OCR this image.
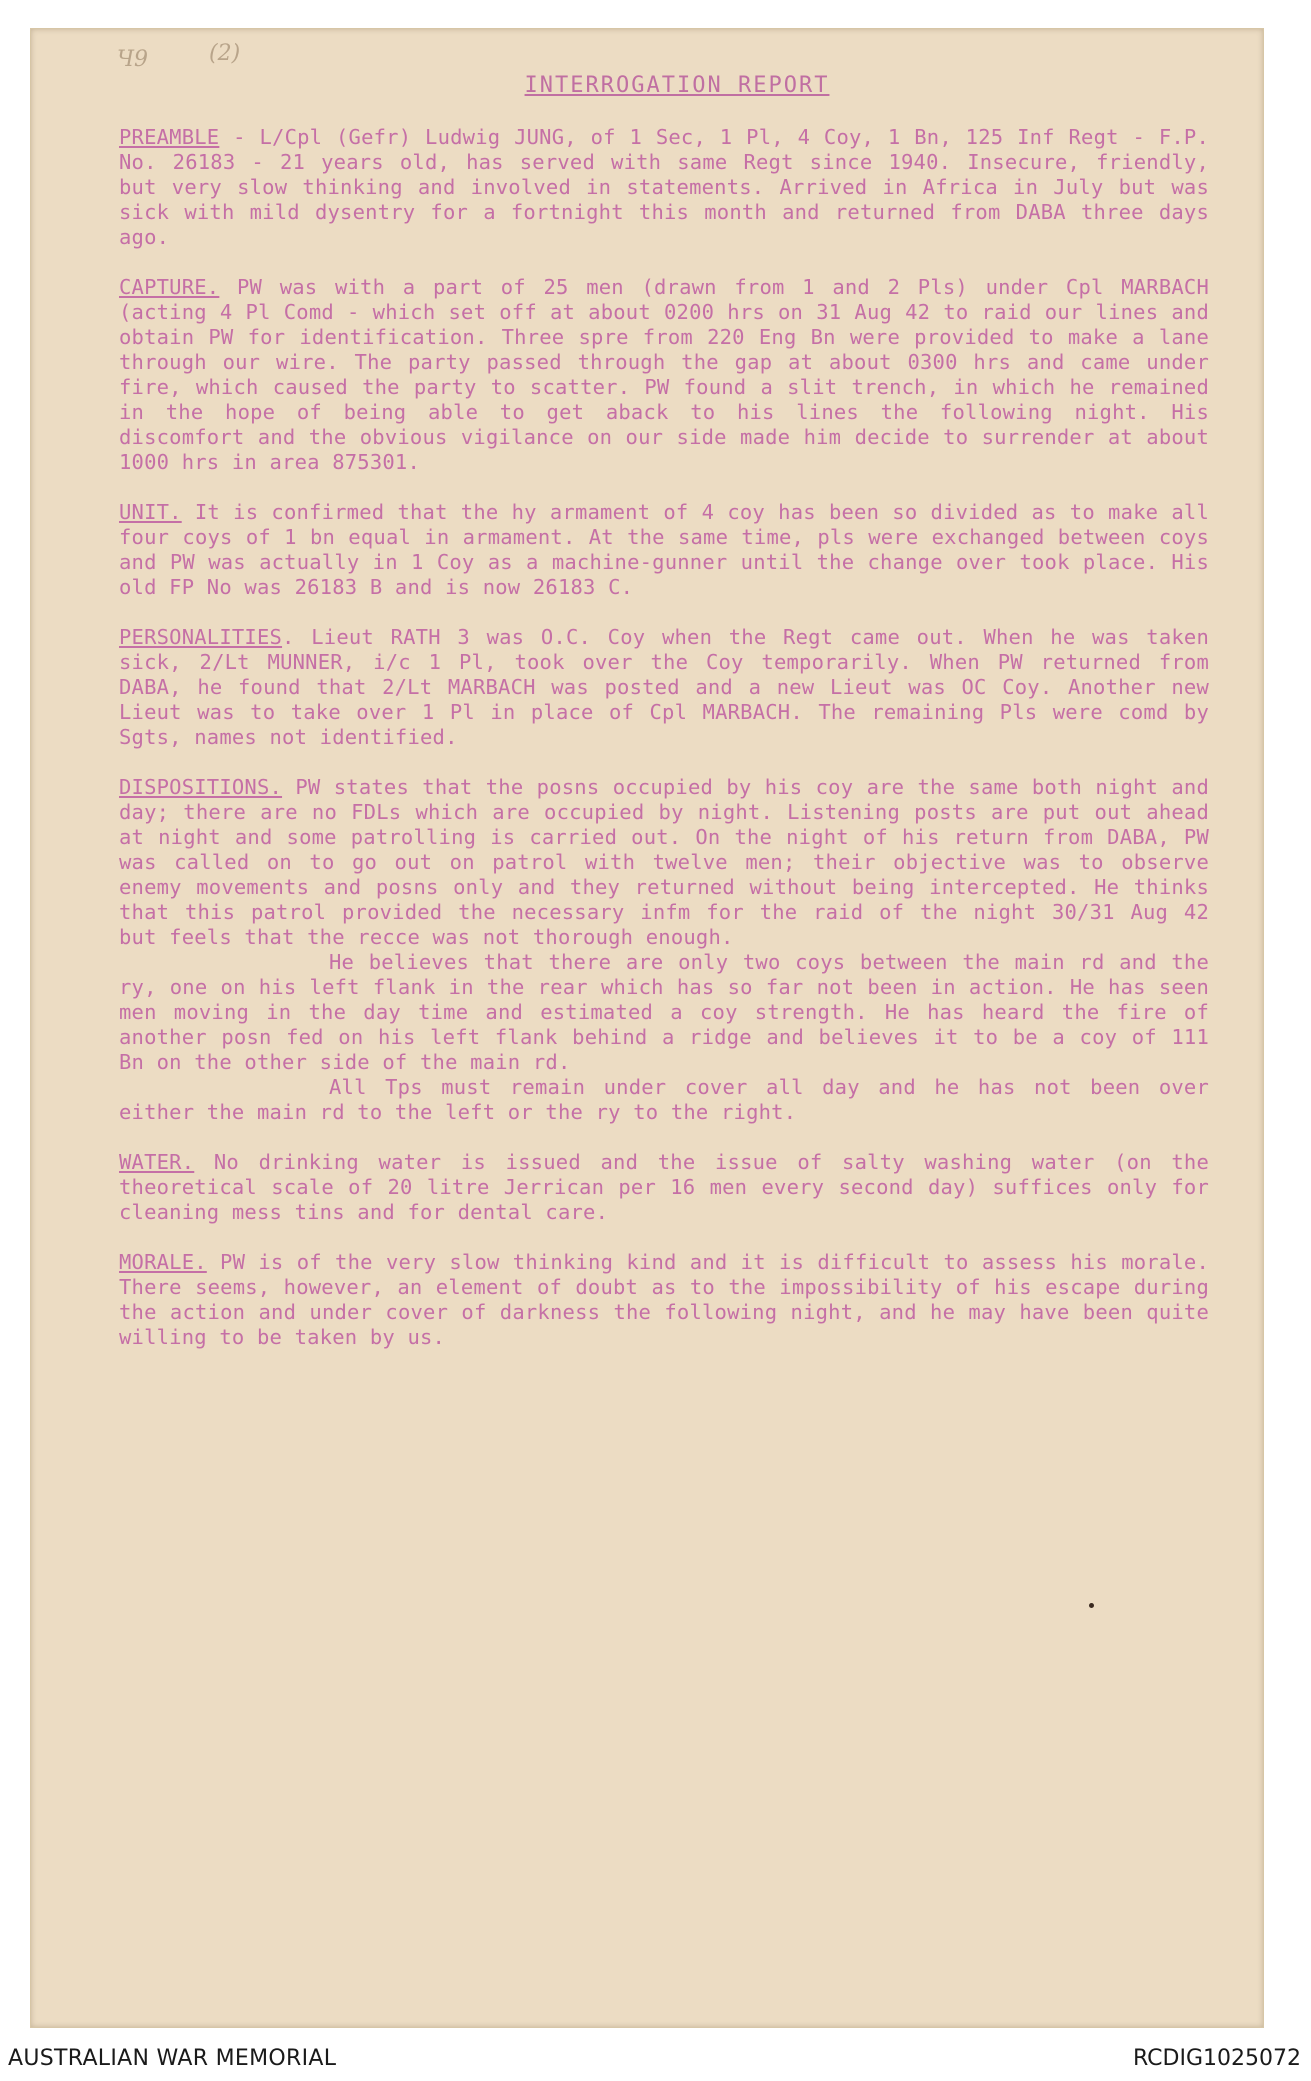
Ч9	(2)
INTERROGATION REPORT

PREAMBLE - L/Cpl (Gefr) Ludwig JUNG, of 1 Sec, 1 Pl, 4 Coy, 1 Bn, 125 Inf Regt - F.P. No. 26183 - 21 years old, has served with same Regt since 1940. Insecure, friendly, but very slow thinking and involved in statements. Arrived in Africa in July but was sick with mild dysentry for a fortnight this month and returned from DABA three days ago.

CAPTURE. PW was with a part of 25 men (drawn from 1 and 2 Pls) under Cpl MARBACH (acting 4 Pl Comd - which set off at about 0200 hrs on 31 Aug 42 to raid our lines and obtain PW for identification. Three spre from 220 Eng Bn were provided to make a lane through our wire. The party passed through the gap at about 0300 hrs and came under fire, which caused the party to scatter. PW found a slit trench, in which he remained in the hope of being able to get aback to his lines the following night. His discomfort and the obvious vigilance on our side made him decide to surrender at about 1000 hrs in area 875301.

UNIT. It is confirmed that the hy armament of 4 coy has been so divided as to make all four coys of 1 bn equal in armament. At the same time, pls were exchanged between coys and PW was actually in 1 Coy as a machine-gunner until the change over took place. His old FP No was 26183 B and is now 26183 C.

PERSONALITIES. Lieut RATH 3 was O.C. Coy when the Regt came out. When he was taken sick, 2/Lt MUNNER, i/c 1 Pl, took over the Coy temporarily. When PW returned from DABA, he found that 2/Lt MARBACH was posted and a new Lieut was OC Coy. Another new Lieut was to take over 1 Pl in place of Cpl MARBACH. The remaining Pls were comd by Sgts, names not identified.

DISPOSITIONS. PW states that the posns occupied by his coy are the same both night and day; there are no FDLs which are occupied by night. Listening posts are put out ahead at night and some patrolling is carried out. On the night of his return from DABA, PW was called on to go out on patrol with twelve men; their objective was to observe enemy movements and posns only and they returned without being intercepted. He thinks that this patrol provided the necessary infm for the raid of the night 30/31 Aug 42 but feels that the recce was not thorough enough.
He believes that there are only two coys between the main rd and the ry, one on his left flank in the rear which has so far not been in action. He has seen men moving in the day time and estimated a coy strength. He has heard the fire of another posn fed on his left flank behind a ridge and believes it to be a coy of 111 Bn on the other side of the main rd.
All Tps must remain under cover all day and he has not been over either the main rd to the left or the ry to the right.

WATER. No drinking water is issued and the issue of salty washing water (on the theoretical scale of 20 litre Jerrican per 16 men every second day) suffices only for cleaning mess tins and for dental care.

MORALE. PW is of the very slow thinking kind and it is difficult to assess his morale. There seems, however, an element of doubt as to the impossibility of his escape during the action and under cover of darkness the following night, and he may have been quite willing to be taken by us.

AUSTRALIAN WAR MEMORIAL	RCDIG1025072
